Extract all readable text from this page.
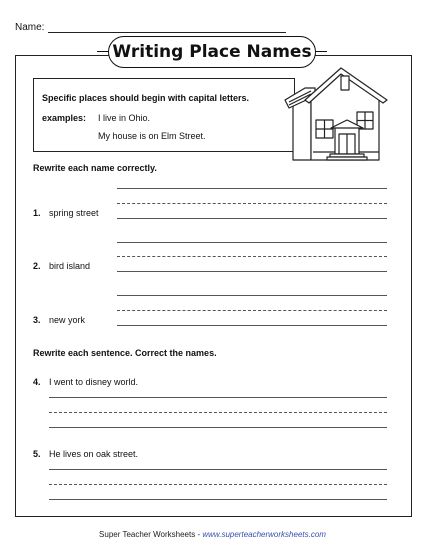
Name:
Writing Place Names
Specific places should begin with capital letters.
examples: I live in Ohio.
My house is on Elm Street.
Rewrite each name correctly.
1. spring street
2. bird island
3. new york
Rewrite each sentence. Correct the names.
4. I went to disney world.
5. He lives on oak street.
Super Teacher Worksheets - www.superteacherworksheets.com
